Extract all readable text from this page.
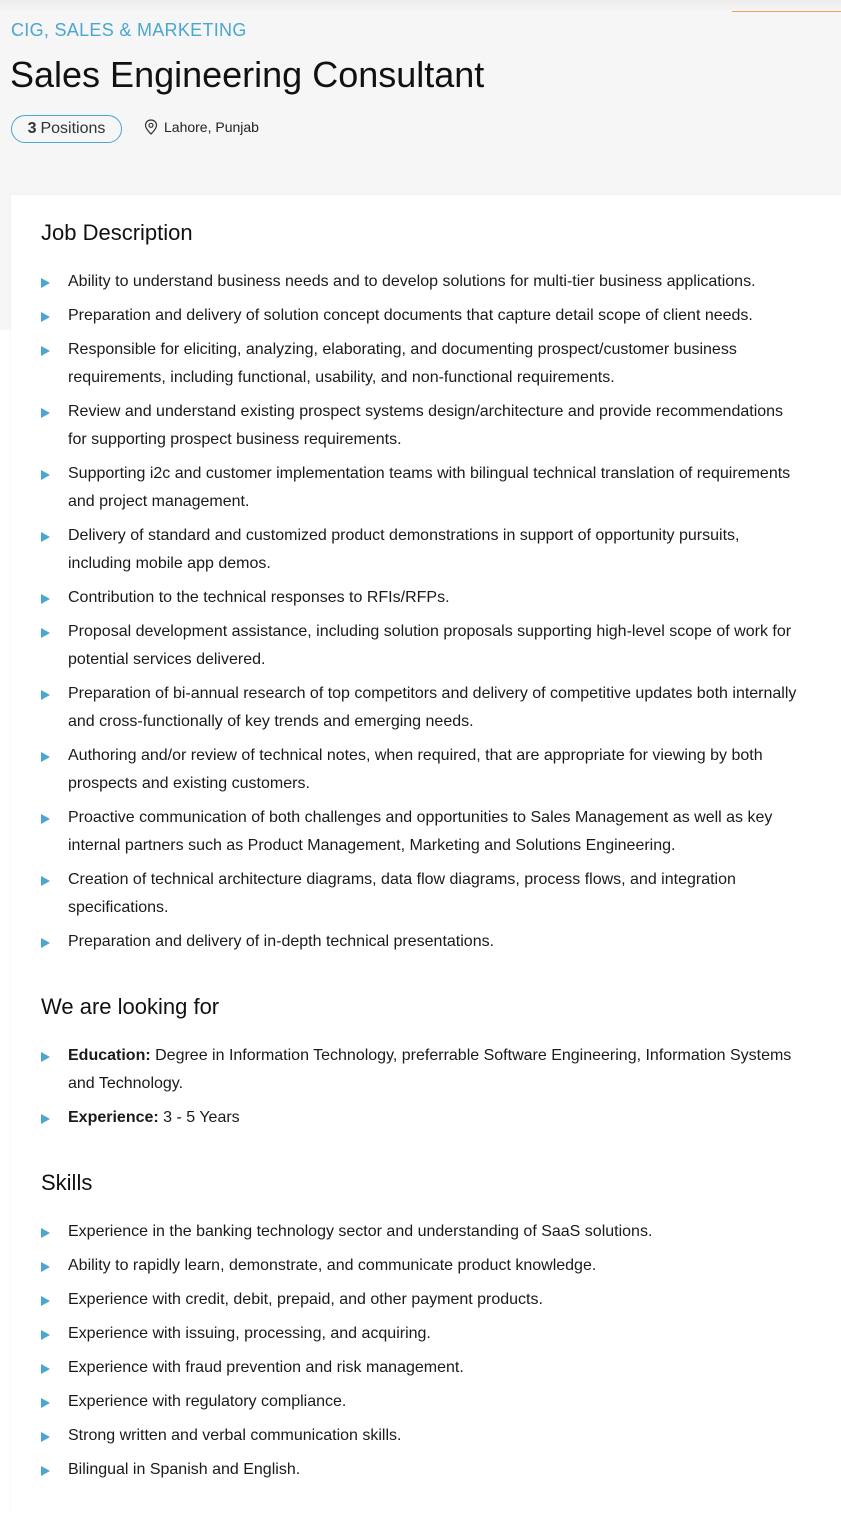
CIG, SALES & MARKETING
Sales Engineering Consultant
3 Positions	Lahore, Punjab
Job Description
Ability to understand business needs and to develop solutions for multi-tier business applications.
Preparation and delivery of solution concept documents that capture detail scope of client needs.
Responsible for eliciting, analyzing, elaborating, and documenting prospect/customer business requirements, including functional, usability, and non-functional requirements.
Review and understand existing prospect systems design/architecture and provide recommendations for supporting prospect business requirements.
Supporting i2c and customer implementation teams with bilingual technical translation of requirements and project management.
Delivery of standard and customized product demonstrations in support of opportunity pursuits, including mobile app demos.
Contribution to the technical responses to RFIs/RFPs.
Proposal development assistance, including solution proposals supporting high-level scope of work for potential services delivered.
Preparation of bi-annual research of top competitors and delivery of competitive updates both internally and cross-functionally of key trends and emerging needs.
Authoring and/or review of technical notes, when required, that are appropriate for viewing by both prospects and existing customers.
Proactive communication of both challenges and opportunities to Sales Management as well as key internal partners such as Product Management, Marketing and Solutions Engineering.
Creation of technical architecture diagrams, data flow diagrams, process flows, and integration specifications.
Preparation and delivery of in-depth technical presentations.
We are looking for
Education: Degree in Information Technology, preferrable Software Engineering, Information Systems and Technology.
Experience: 3 - 5 Years
Skills
Experience in the banking technology sector and understanding of SaaS solutions.
Ability to rapidly learn, demonstrate, and communicate product knowledge.
Experience with credit, debit, prepaid, and other payment products.
Experience with issuing, processing, and acquiring.
Experience with fraud prevention and risk management.
Experience with regulatory compliance.
Strong written and verbal communication skills.
Bilingual in Spanish and English.
